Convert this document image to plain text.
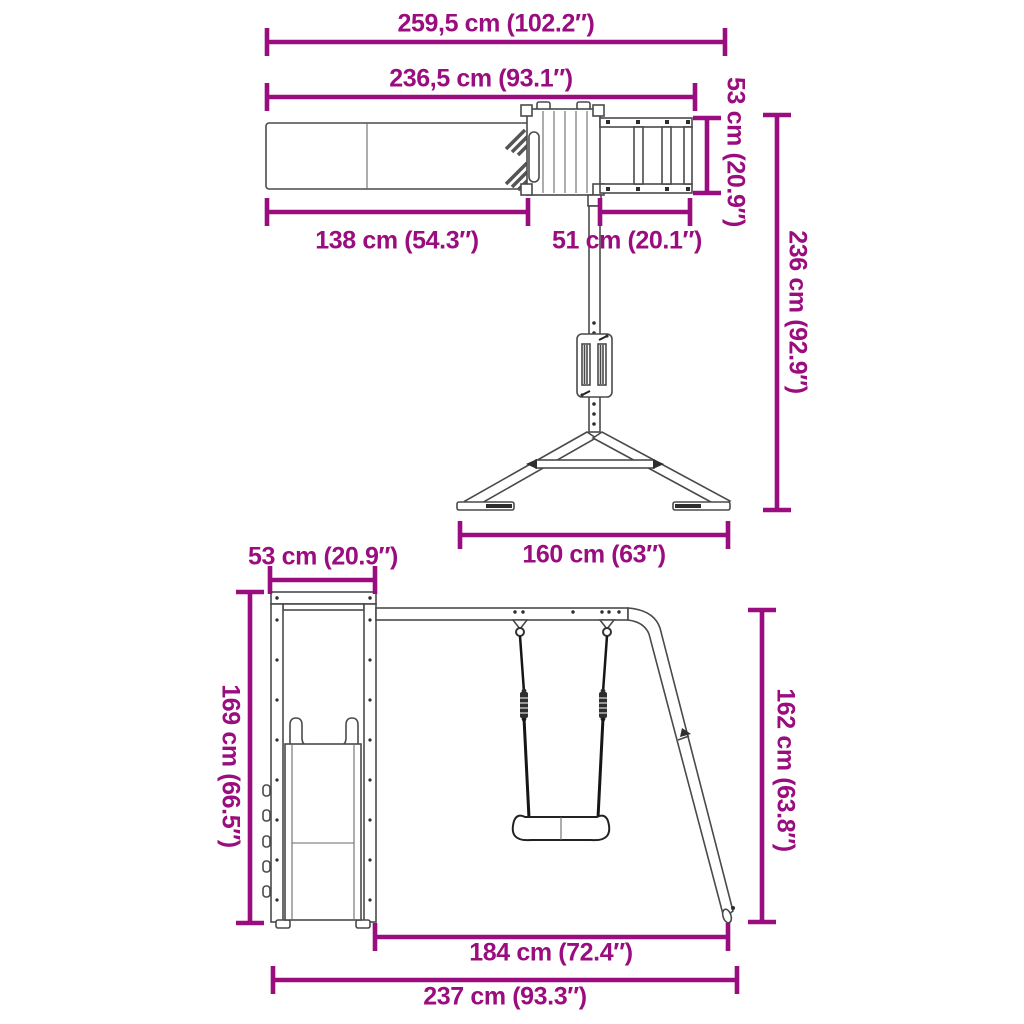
259,5 cm (102.2″)
236,5 cm (93.1″)
138 cm (54.3″)	51 cm (20.1″)
53 cm (20.9″)
236 cm (92.9″)
160 cm (63″)
53 cm (20.9″)
169 cm (66.5″)	162 cm (63.8″)
184 cm (72.4″)
237 cm (93.3″)
